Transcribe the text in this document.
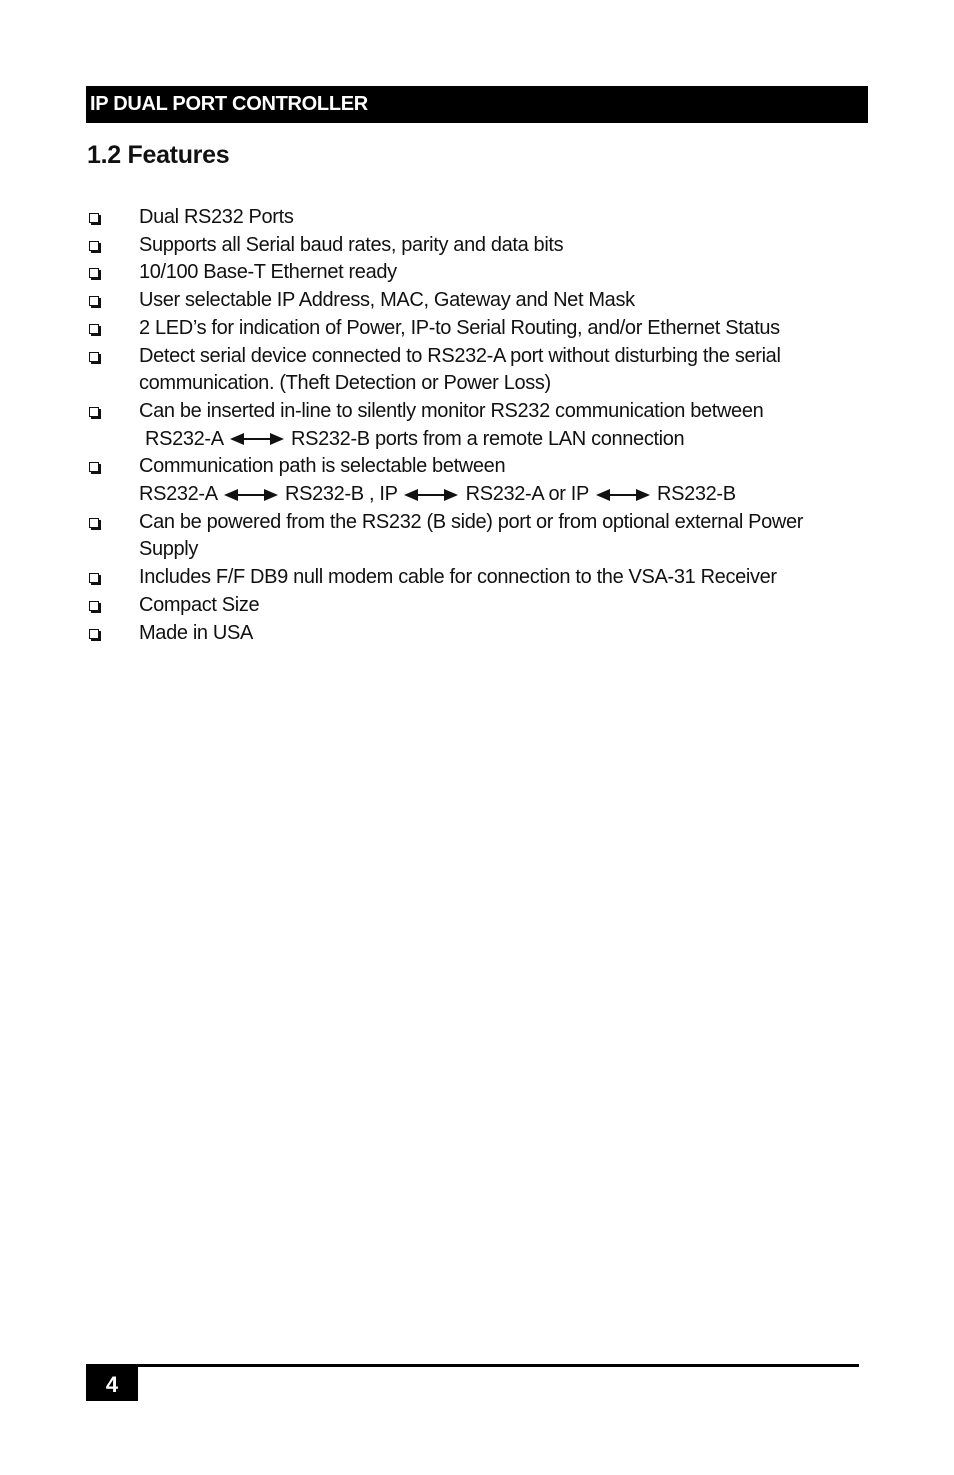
IP DUAL PORT CONTROLLER
1.2 Features
Dual RS232 Ports
Supports all Serial baud rates, parity and data bits
10/100 Base-T Ethernet ready
User selectable IP Address, MAC, Gateway and Net Mask
2 LED’s for indication of Power, IP-to Serial Routing, and/or Ethernet Status
Detect serial device connected to RS232-A port without disturbing the serial
communication. (Theft Detection or Power Loss)
Can be inserted in-line to silently monitor RS232 communication between
RS232-A	RS232-B ports from a remote LAN connection
Communication path is selectable between
RS232-A	RS232-B , IP	RS232-A or IP	RS232-B
Can be powered from the RS232 (B side) port or from optional external Power
Supply
Includes F/F DB9 null modem cable for connection to the VSA-31 Receiver
Compact Size
Made in USA
4
